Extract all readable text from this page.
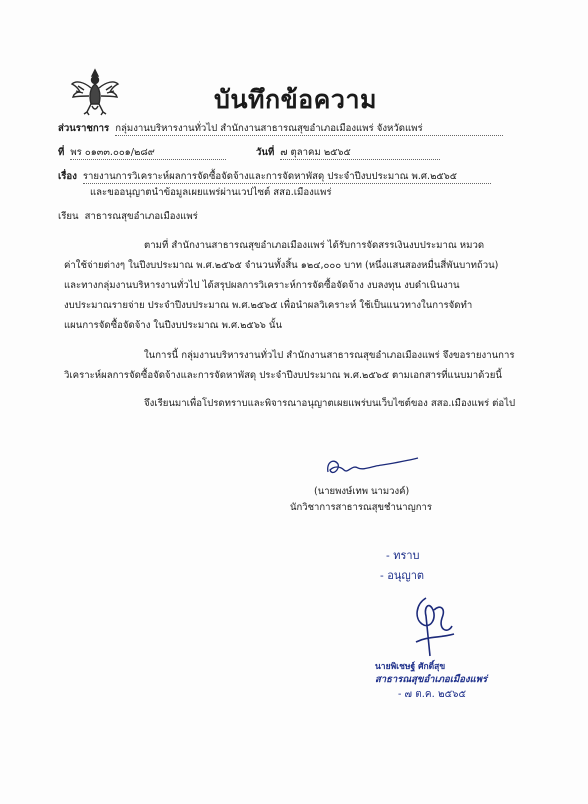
บันทึกข้อความ
ส่วนราชการ กลุ่มงานบริหารงานทั่วไป สำนักงานสาธารณสุขอำเภอเมืองแพร่ จังหวัดแพร่
ที่ พร ๐๑๓๓.๐๐๑/๒๘๙	วันที่ ๗ ตุลาคม ๒๕๖๕
เรื่อง รายงานการวิเคราะห์ผลการจัดซื้อจัดจ้างและการจัดหาพัสดุ ประจำปีงบประมาณ พ.ศ.๒๕๖๕
และขออนุญาตนำข้อมูลเผยแพร่ผ่านเวปไซต์ สสอ.เมืองแพร่
เรียน สาธารณสุขอำเภอเมืองแพร่
ตามที่ สำนักงานสาธารณสุขอำเภอเมืองแพร่ ได้รับการจัดสรรเงินงบประมาณ หมวด
ค่าใช้จ่ายต่างๆ ในปีงบประมาณ พ.ศ.๒๕๖๕ จำนวนทั้งสิ้น ๑๒๔,๐๐๐ บาท (หนึ่งแสนสองหมื่นสี่พันบาทถ้วน)
และทางกลุ่มงานบริหารงานทั่วไป ได้สรุปผลการวิเคราะห์การจัดซื้อจัดจ้าง งบลงทุน งบดำเนินงาน
งบประมาณรายจ่าย ประจำปีงบประมาณ พ.ศ.๒๕๖๕ เพื่อนำผลวิเคราะห์ ใช้เป็นแนวทางในการจัดทำ
แผนการจัดซื้อจัดจ้าง ในปีงบประมาณ พ.ศ.๒๕๖๖ นั้น
ในการนี้ กลุ่มงานบริหารงานทั่วไป สำนักงานสาธารณสุขอำเภอเมืองแพร่ จึงขอรายงานการ
วิเคราะห์ผลการจัดซื้อจัดจ้างและการจัดหาพัสดุ ประจำปีงบประมาณ พ.ศ.๒๕๖๕ ตามเอกสารที่แนบมาด้วยนี้
จึงเรียนมาเพื่อโปรดทราบและพิจารณาอนุญาตเผยแพร่บนเว็บไซต์ของ สสอ.เมืองแพร่ ต่อไป
(นายพงษ์เทพ นามวงค์)
นักวิชาการสาธารณสุขชำนาญการ
- ทราบ
- อนุญาต
นายพิเชษฐ์ ศักดิ์สุข
สาธารณสุขอำเภอเมืองแพร่
- ๗ ต.ค. ๒๕๖๕
